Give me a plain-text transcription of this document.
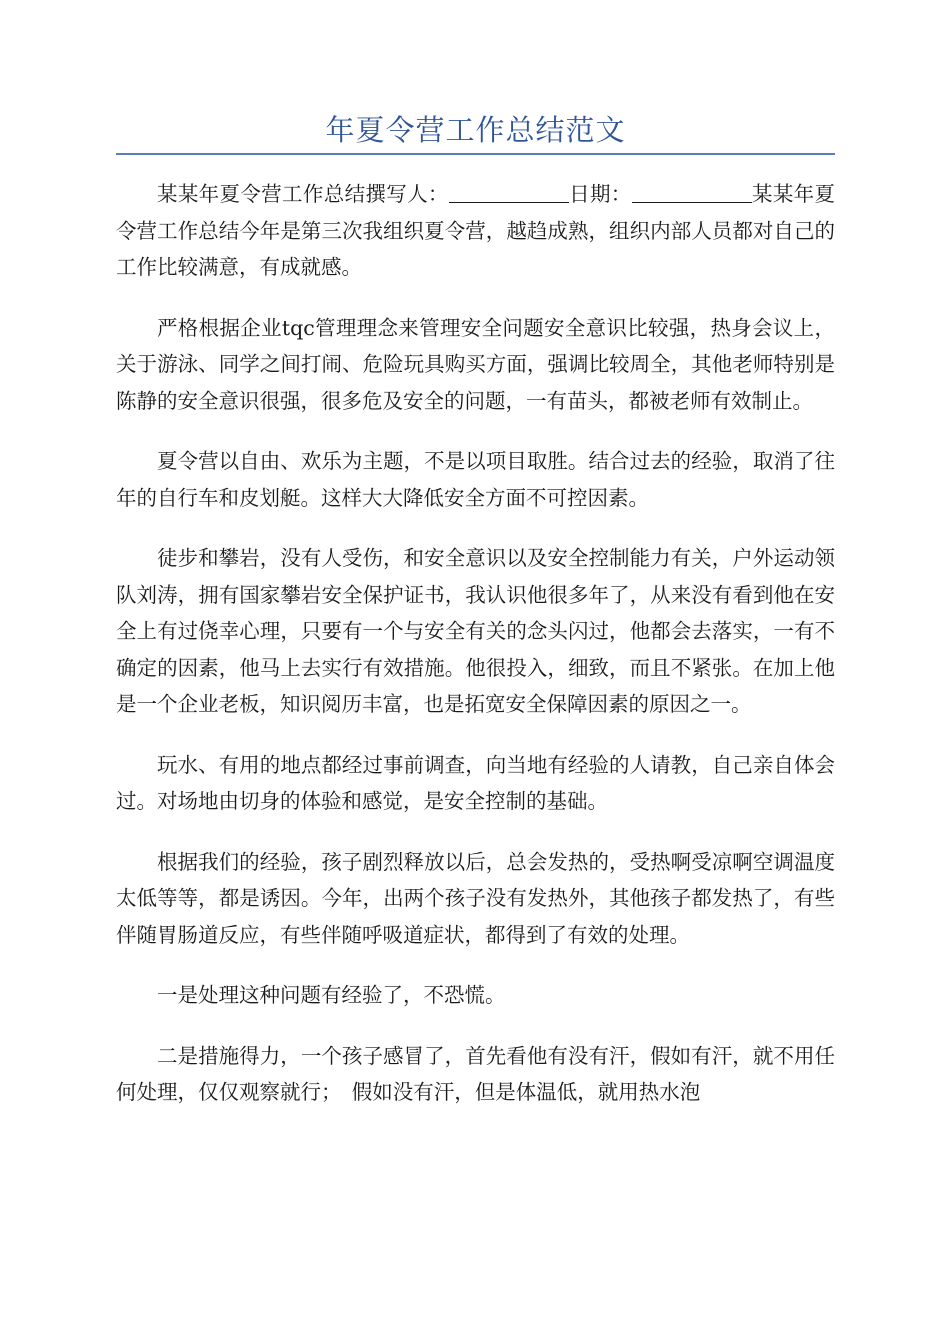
年夏令营工作总结范文

某某年夏令营工作总结撰写人：	日期：	某某年夏令营工作总结今年是第三次我组织夏令营，越趋成熟，组织内部人员都对自己的工作比较满意，有成就感。

严格根据企业tqc管理理念来管理安全问题安全意识比较强，热身会议上，关于游泳、同学之间打闹、危险玩具购买方面，强调比较周全，其他老师特别是陈静的安全意识很强，很多危及安全的问题，一有苗头，都被老师有效制止。

夏令营以自由、欢乐为主题，不是以项目取胜。结合过去的经验，取消了往年的自行车和皮划艇。这样大大降低安全方面不可控因素。

徒步和攀岩，没有人受伤，和安全意识以及安全控制能力有关，户外运动领队刘涛，拥有国家攀岩安全保护证书，我认识他很多年了，从来没有看到他在安全上有过侥幸心理，只要有一个与安全有关的念头闪过，他都会去落实，一有不确定的因素，他马上去实行有效措施。他很投入，细致，而且不紧张。在加上他是一个企业老板，知识阅历丰富，也是拓宽安全保障因素的原因之一。

玩水、有用的地点都经过事前调查，向当地有经验的人请教，自己亲自体会过。对场地由切身的体验和感觉，是安全控制的基础。

根据我们的经验，孩子剧烈释放以后，总会发热的，受热啊受凉啊空调温度太低等等，都是诱因。今年，出两个孩子没有发热外，其他孩子都发热了，有些伴随胃肠道反应，有些伴随呼吸道症状，都得到了有效的处理。

一是处理这种问题有经验了，不恐慌。

二是措施得力，一个孩子感冒了，首先看他有没有汗，假如有汗，就不用任何处理，仅仅观察就行；　假如没有汗，但是体温低，就用热水泡
